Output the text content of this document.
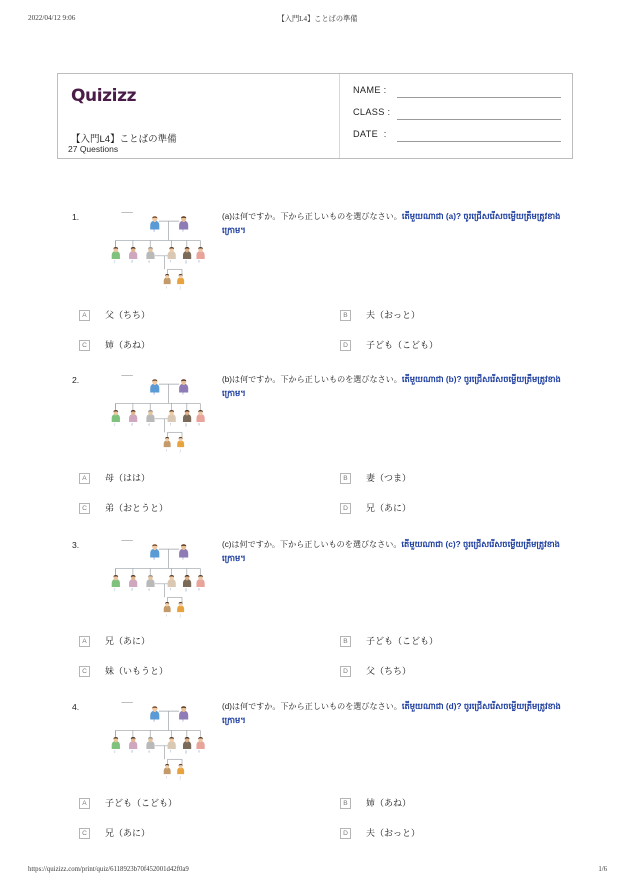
2022/04/12 9:06	【入門L4】ことばの準備
Quizizz
【入門L4】ことばの準備
27 Questions
NAME :
CLASS :
DATE  :
1.
a	b
c	d	e	f	g	h
i	j
(a)は何ですか。下から正しいものを選びなさい。តើមួយណាជា (a)? ចូរជ្រើសរើសចម្លើយត្រឹមត្រូវខាងក្រោម។
A	父（ちち）	B	夫（おっと）
C	姉（あね）	D	子ども（こども）
2.
a	b
c	d	e	f	g	h
i	j
(b)は何ですか。下から正しいものを選びなさい。តើមួយណាជា (b)? ចូរជ្រើសរើសចម្លើយត្រឹមត្រូវខាងក្រោម។
A	母（はは）	B	妻（つま）
C	弟（おとうと）	D	兄（あに）
3.
a	b
c	d	e	f	g	h
i	j
(c)は何ですか。下から正しいものを選びなさい。តើមួយណាជា (c)? ចូរជ្រើសរើសចម្លើយត្រឹមត្រូវខាងក្រោម។
A	兄（あに）	B	子ども（こども）
C	妹（いもうと）	D	父（ちち）
4.
a	b
c	d	e	f	g	h
i	j
(d)は何ですか。下から正しいものを選びなさい。តើមួយណាជា (d)? ចូរជ្រើសរើសចម្លើយត្រឹមត្រូវខាងក្រោម។
A	子ども（こども）	B	姉（あね）
C	兄（あに）	D	夫（おっと）
https://quizizz.com/print/quiz/6118923b70f452001d42f0a9	1/6
